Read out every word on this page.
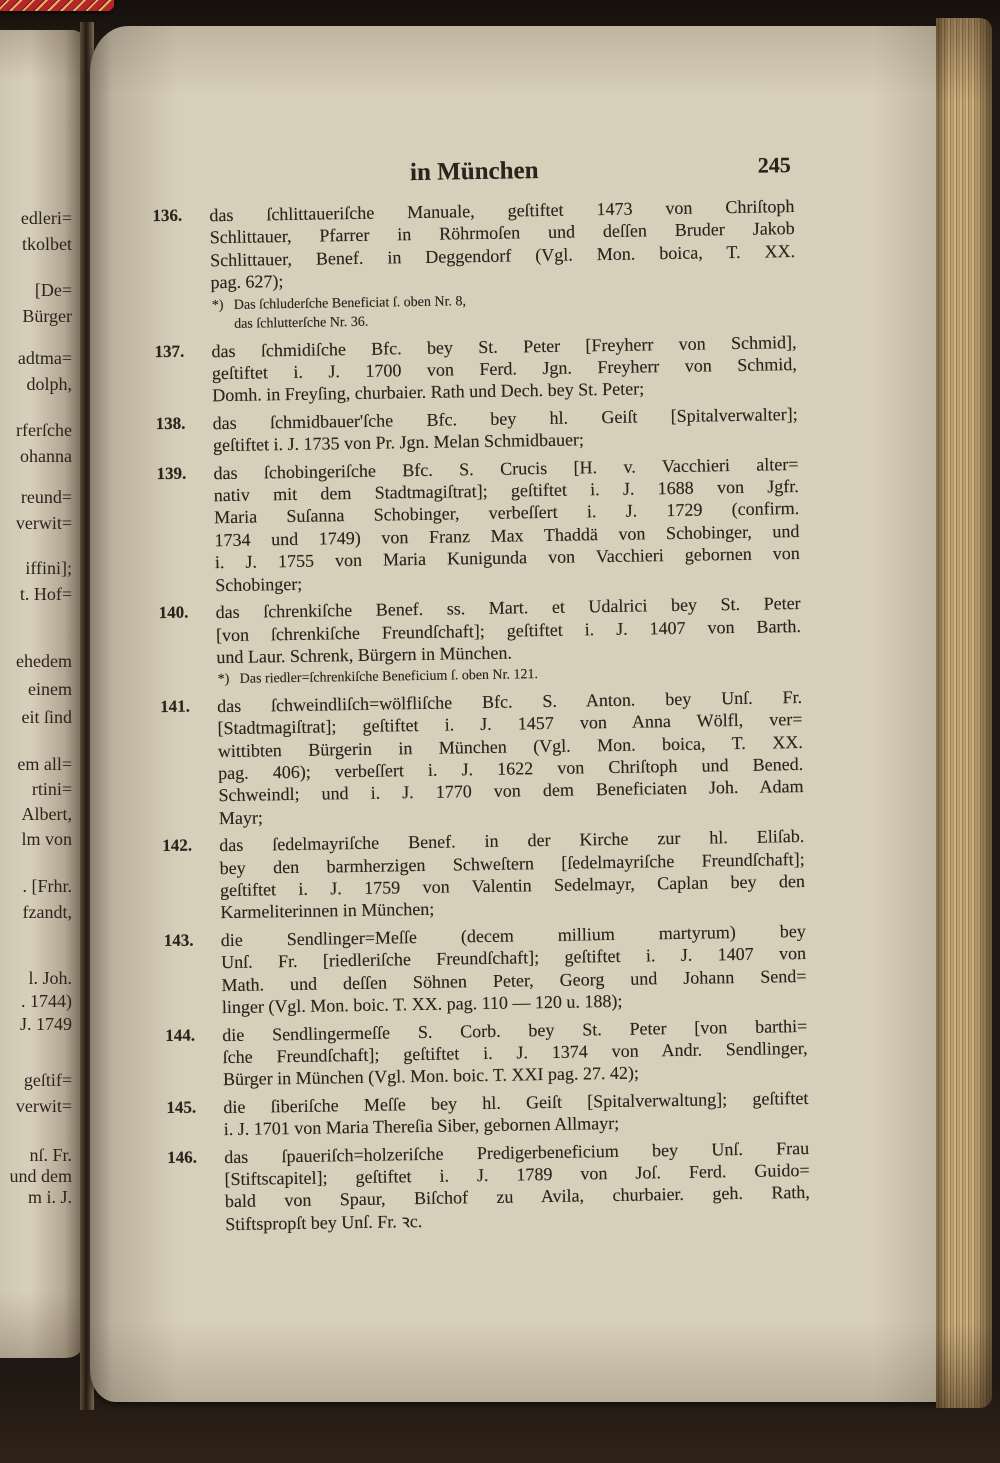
edleri=
tkolbet
[De=
Bürger
adtma=
dolph,
rferſche
ohanna
reund=
verwit=
iffini];
t. Hof=
ehedem
einem
eit ſind
em all=
rtini=
Albert,
lm von
. [Frhr.
fzandt,
l. Joh.
. 1744)
J. 1749
geſtif=
verwit=
nſ. Fr.
und dem
m i. J.
in München	245
136. das ſchlittaueriſche Manuale, geſtiftet 1473 von Chriſtoph
Schlittauer, Pfarrer in Röhrmoſen und deſſen Bruder Jakob
Schlittauer, Benef. in Deggendorf (Vgl. Mon. boica, T. XX.
pag. 627);
*) Das ſchluderſche Beneficiat ſ. oben Nr. 8,
das ſchlutterſche Nr. 36.
137. das ſchmidiſche Bfc. bey St. Peter [Freyherr von Schmid],
geſtiftet i. J. 1700 von Ferd. Jgn. Freyherr von Schmid,
Domh. in Freyſing, churbaier. Rath und Dech. bey St. Peter;
138. das ſchmidbauer'ſche Bfc. bey hl. Geiſt [Spitalverwalter];
geſtiftet i. J. 1735 von Pr. Jgn. Melan Schmidbauer;
139. das ſchobingeriſche Bfc. S. Crucis [H. v. Vacchieri alter=
nativ mit dem Stadtmagiſtrat]; geſtiftet i. J. 1688 von Jgfr.
Maria Suſanna Schobinger, verbeſſert i. J. 1729 (confirm.
1734 und 1749) von Franz Max Thaddä von Schobinger, und
i. J. 1755 von Maria Kunigunda von Vacchieri gebornen von
Schobinger;
140. das ſchrenkiſche Benef. ss. Mart. et Udalrici bey St. Peter
[von ſchrenkiſche Freundſchaft]; geſtiftet i. J. 1407 von Barth.
und Laur. Schrenk, Bürgern in München.
*) Das riedler=ſchrenkiſche Beneficium ſ. oben Nr. 121.
141. das ſchweindliſch=wölfliſche Bfc. S. Anton. bey Unſ. Fr.
[Stadtmagiſtrat]; geſtiftet i. J. 1457 von Anna Wölfl, ver=
wittibten Bürgerin in München (Vgl. Mon. boica, T. XX.
pag. 406); verbeſſert i. J. 1622 von Chriſtoph und Bened.
Schweindl; und i. J. 1770 von dem Beneficiaten Joh. Adam
Mayr;
142. das ſedelmayriſche Benef. in der Kirche zur hl. Eliſab.
bey den barmherzigen Schweſtern [ſedelmayriſche Freundſchaft];
geſtiftet i. J. 1759 von Valentin Sedelmayr, Caplan bey den
Karmeliterinnen in München;
143. die Sendlinger=Meſſe (decem millium martyrum) bey
Unſ. Fr. [riedleriſche Freundſchaft]; geſtiftet i. J. 1407 von
Math. und deſſen Söhnen Peter, Georg und Johann Send=
linger (Vgl. Mon. boic. T. XX. pag. 110 — 120 u. 188);
144. die Sendlingermeſſe S. Corb. bey St. Peter [von barthi=
ſche Freundſchaft]; geſtiftet i. J. 1374 von Andr. Sendlinger,
Bürger in München (Vgl. Mon. boic. T. XXI pag. 27. 42);
145. die ſiberiſche Meſſe bey hl. Geiſt [Spitalverwaltung]; geſtiftet
i. J. 1701 von Maria Thereſia Siber, gebornen Allmayr;
146. das ſpaueriſch=holzeriſche Predigerbeneficium bey Unſ. Frau
[Stiftscapitel]; geſtiftet i. J. 1789 von Joſ. Ferd. Guido=
bald von Spaur, Biſchof zu Avila, churbaier. geh. Rath,
Stiftspropſt bey Unſ. Fr. ꝛc.
